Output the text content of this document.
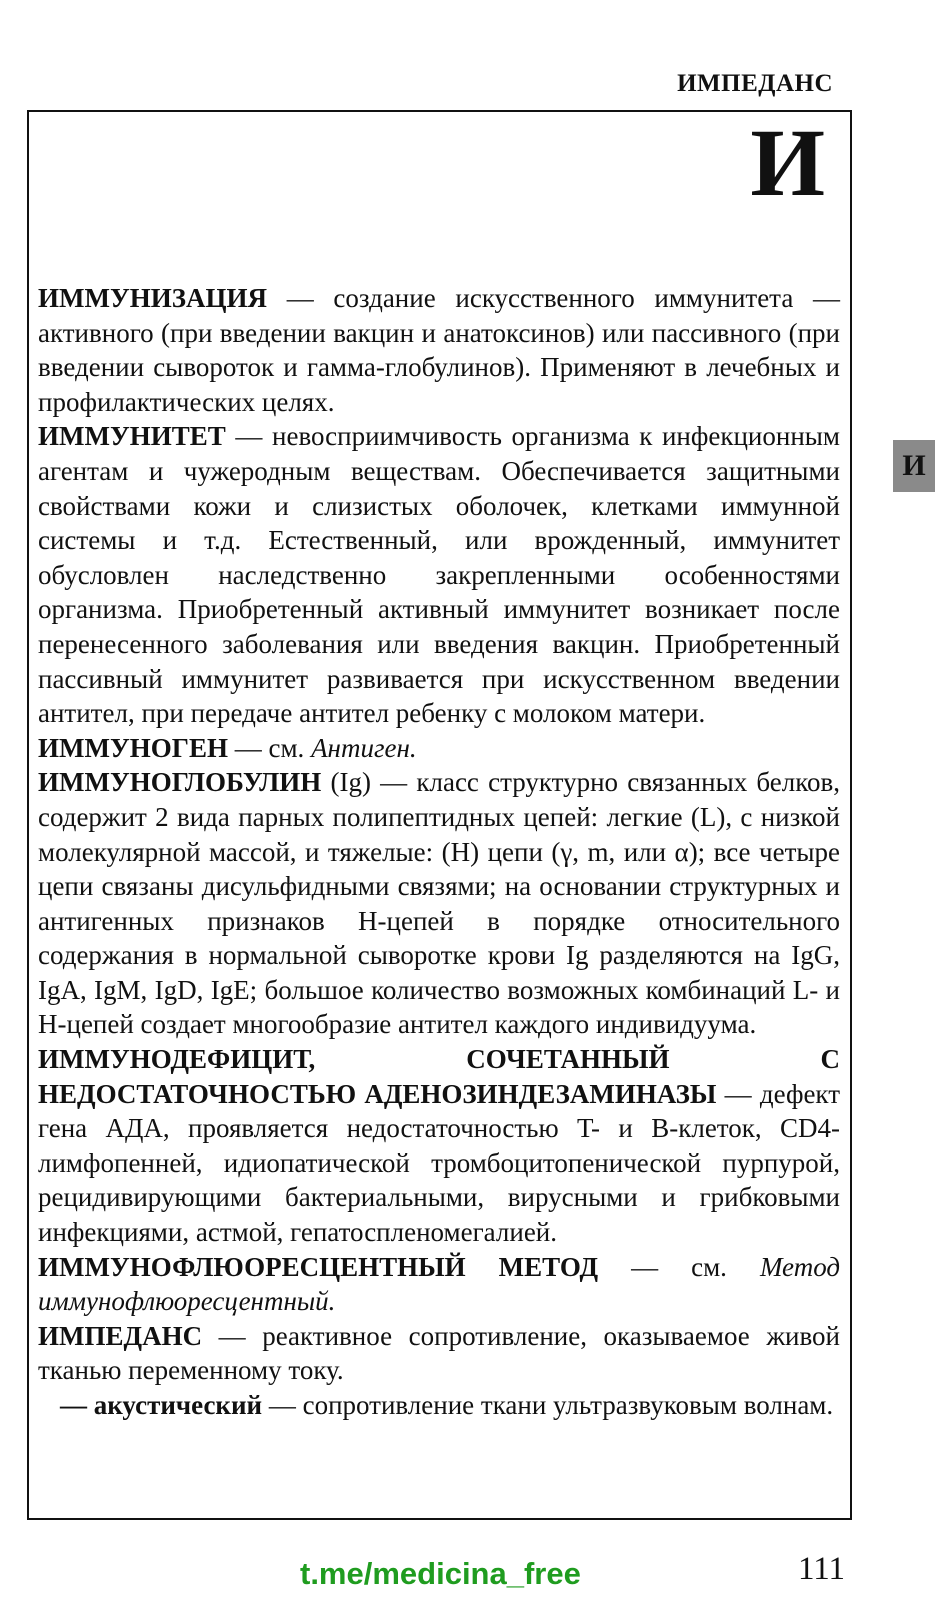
ИМПЕДАНС
И

ИММУНИЗАЦИЯ — создание искусственного иммунитета — активного (при введении вакцин и анатоксинов) или пассивного (при введении сывороток и гамма-глобулинов). Применяют в лечебных и профилактических целях.

ИММУНИТЕТ — невосприимчивость организма к инфекционным агентам и чужеродным веществам. Обеспечивается защитными свойствами кожи и слизистых оболочек, клетками иммунной системы и т.д. Естественный, или врожденный, иммунитет обусловлен наследственно закрепленными особенностями организма. Приобретенный активный иммунитет возникает после перенесенного заболевания или введения вакцин. Приобретенный пассивный иммунитет развивается при искусственном введении антител, при передаче антител ребенку с молоком матери.

ИММУНОГЕН — см. Антиген.

ИММУНОГЛОБУЛИН (Ig) — класс структурно связанных белков, содержит 2 вида парных полипептидных цепей: легкие (L), с низкой молекулярной массой, и тяжелые: (H) цепи (γ, m, или α); все четыре цепи связаны дисульфидными связями; на основании структурных и антигенных признаков H-цепей в порядке относительного содержания в нормальной сыворотке крови Ig разделяются на IgG, IgA, IgM, IgD, IgE; большое количество возможных комбинаций L- и H-цепей создает многообразие антител каждого индивидуума.

ИММУНОДЕФИЦИТ, СОЧЕТАННЫЙ С НЕДОСТАТОЧНОСТЬЮ АДЕНОЗИНДЕЗАМИНАЗЫ — дефект гена АДА, проявляется недостаточностью T- и B-клеток, CD4-лимфопенней, идиопатической тромбоцитопенической пурпурой, рецидивирующими бактериальными, вирусными и грибковыми инфекциями, астмой, гепатоспленомегалией.

ИММУНОФЛЮОРЕСЦЕНТНЫЙ МЕТОД — см. Метод иммунофлюоресцентный.

ИМПЕДАНС — реактивное сопротивление, оказываемое живой тканью переменному току.

— акустический — сопротивление ткани ультразвуковым волнам.

И
t.me/medicina_free	111
